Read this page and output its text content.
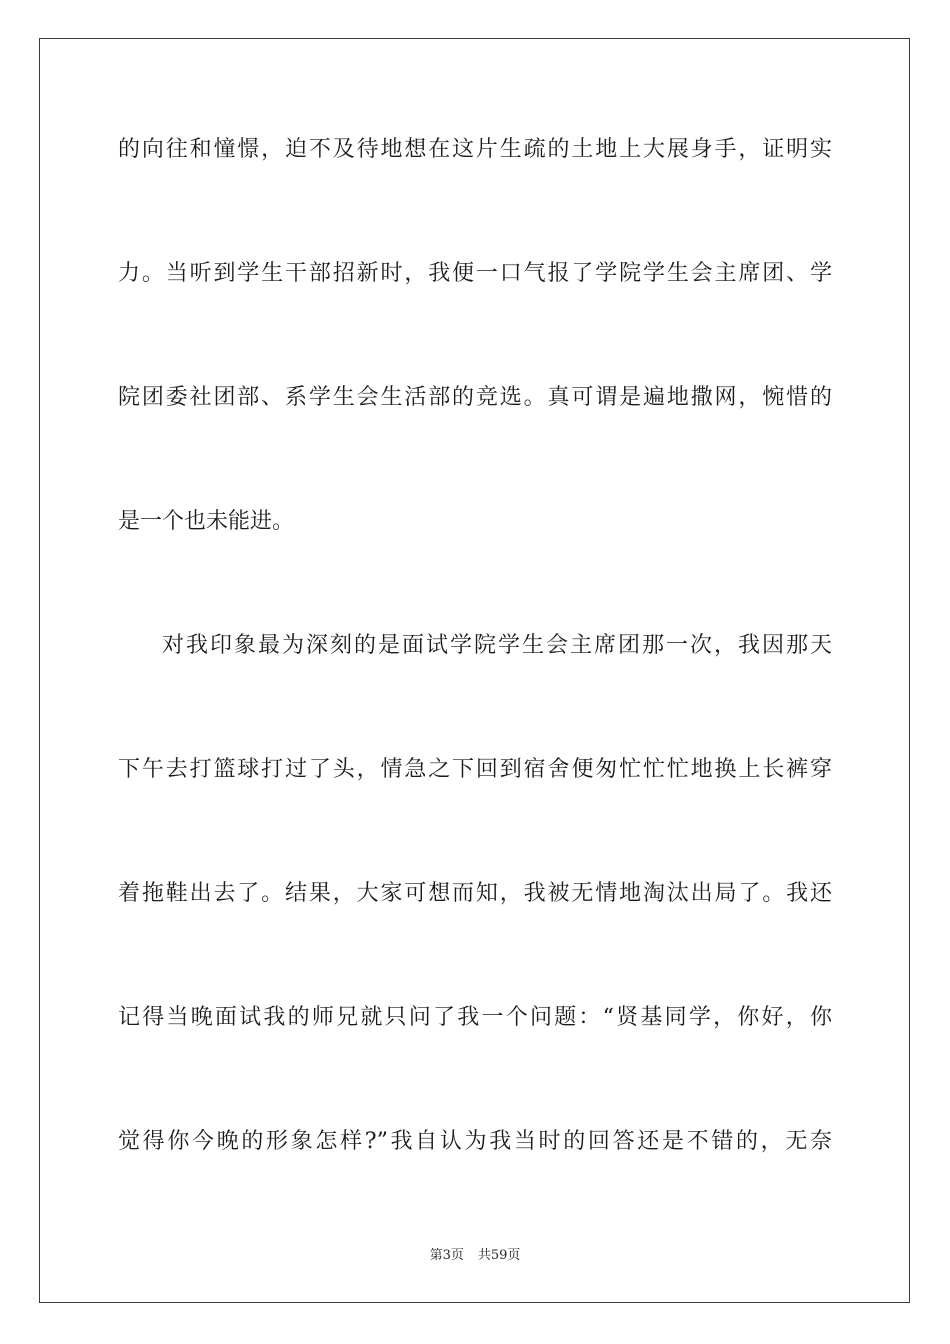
的向往和憧憬，迫不及待地想在这片生疏的土地上大展身手，证明实
力。当听到学生干部招新时，我便一口气报了学院学生会主席团、学
院团委社团部、系学生会生活部的竞选。真可谓是遍地撒网，惋惜的
是一个也未能进。
对我印象最为深刻的是面试学院学生会主席团那一次，我因那天
下午去打篮球打过了头，情急之下回到宿舍便匆忙忙忙地换上长裤穿
着拖鞋出去了。结果，大家可想而知，我被无情地淘汰出局了。我还
记得当晚面试我的师兄就只问了我一个问题：“贤基同学，你好，你
觉得你今晚的形象怎样?”我自认为我当时的回答还是不错的，无奈
第3页 共59页
